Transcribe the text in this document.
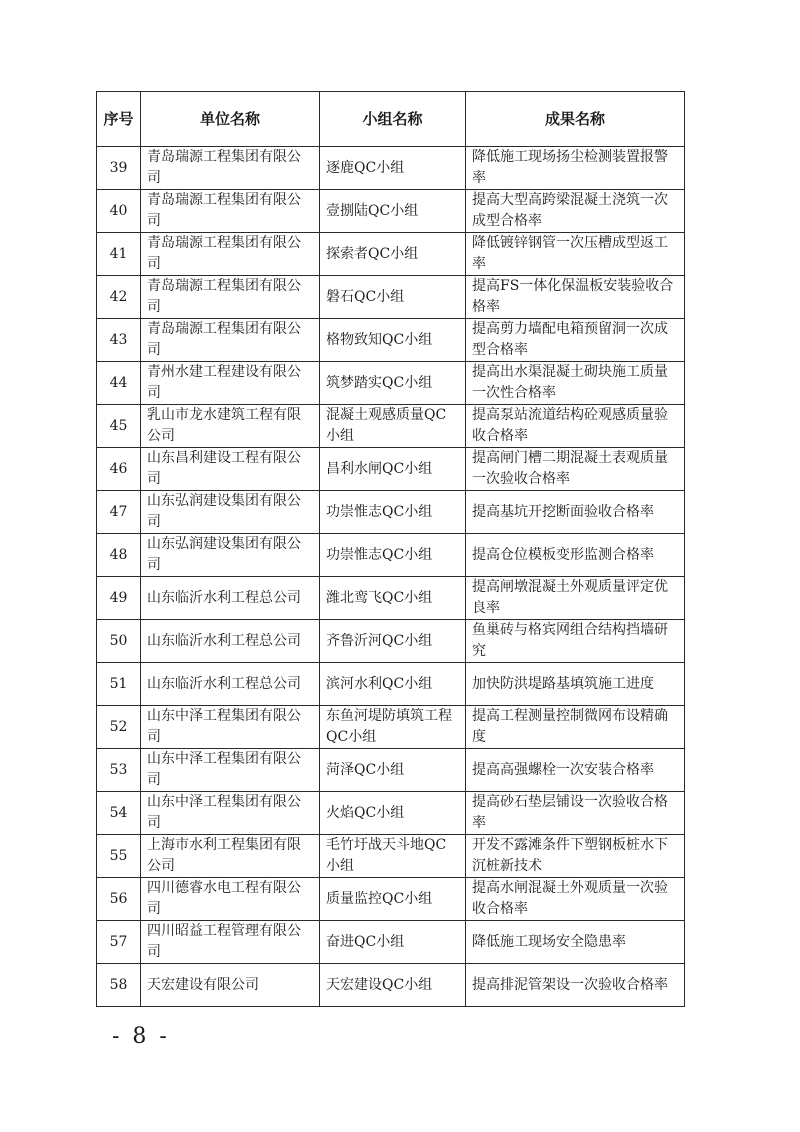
序号	单位名称	小组名称	成果名称
39	青岛瑞源工程集团有限公司	逐鹿QC小组	降低施工现场扬尘检测装置报警率
40	青岛瑞源工程集团有限公司	壹捌陆QC小组	提高大型高跨梁混凝土浇筑一次成型合格率
41	青岛瑞源工程集团有限公司	探索者QC小组	降低镀锌钢管一次压槽成型返工率
42	青岛瑞源工程集团有限公司	磐石QC小组	提高FS一体化保温板安装验收合格率
43	青岛瑞源工程集团有限公司	格物致知QC小组	提高剪力墙配电箱预留洞一次成型合格率
44	青州水建工程建设有限公司	筑梦踏实QC小组	提高出水渠混凝土砌块施工质量一次性合格率
45	乳山市龙水建筑工程有限公司	混凝土观感质量QC小组	提高泵站流道结构砼观感质量验收合格率
46	山东昌利建设工程有限公司	昌利水闸QC小组	提高闸门槽二期混凝土表观质量一次验收合格率
47	山东弘润建设集团有限公司	功崇惟志QC小组	提高基坑开挖断面验收合格率
48	山东弘润建设集团有限公司	功崇惟志QC小组	提高仓位模板变形监测合格率
49	山东临沂水利工程总公司	潍北鸾飞QC小组	提高闸墩混凝土外观质量评定优良率
50	山东临沂水利工程总公司	齐鲁沂河QC小组	鱼巢砖与格宾网组合结构挡墙研究
51	山东临沂水利工程总公司	滨河水利QC小组	加快防洪堤路基填筑施工进度
52	山东中泽工程集团有限公司	东鱼河堤防填筑工程QC小组	提高工程测量控制微网布设精确度
53	山东中泽工程集团有限公司	菏泽QC小组	提高高强螺栓一次安装合格率
54	山东中泽工程集团有限公司	火焰QC小组	提高砂石垫层铺设一次验收合格率
55	上海市水利工程集团有限公司	毛竹圩战天斗地QC小组	开发不露滩条件下塑钢板桩水下沉桩新技术
56	四川德睿水电工程有限公司	质量监控QC小组	提高水闸混凝土外观质量一次验收合格率
57	四川昭益工程管理有限公司	奋进QC小组	降低施工现场安全隐患率
58	天宏建设有限公司	天宏建设QC小组	提高排泥管架设一次验收合格率
- 8 -
